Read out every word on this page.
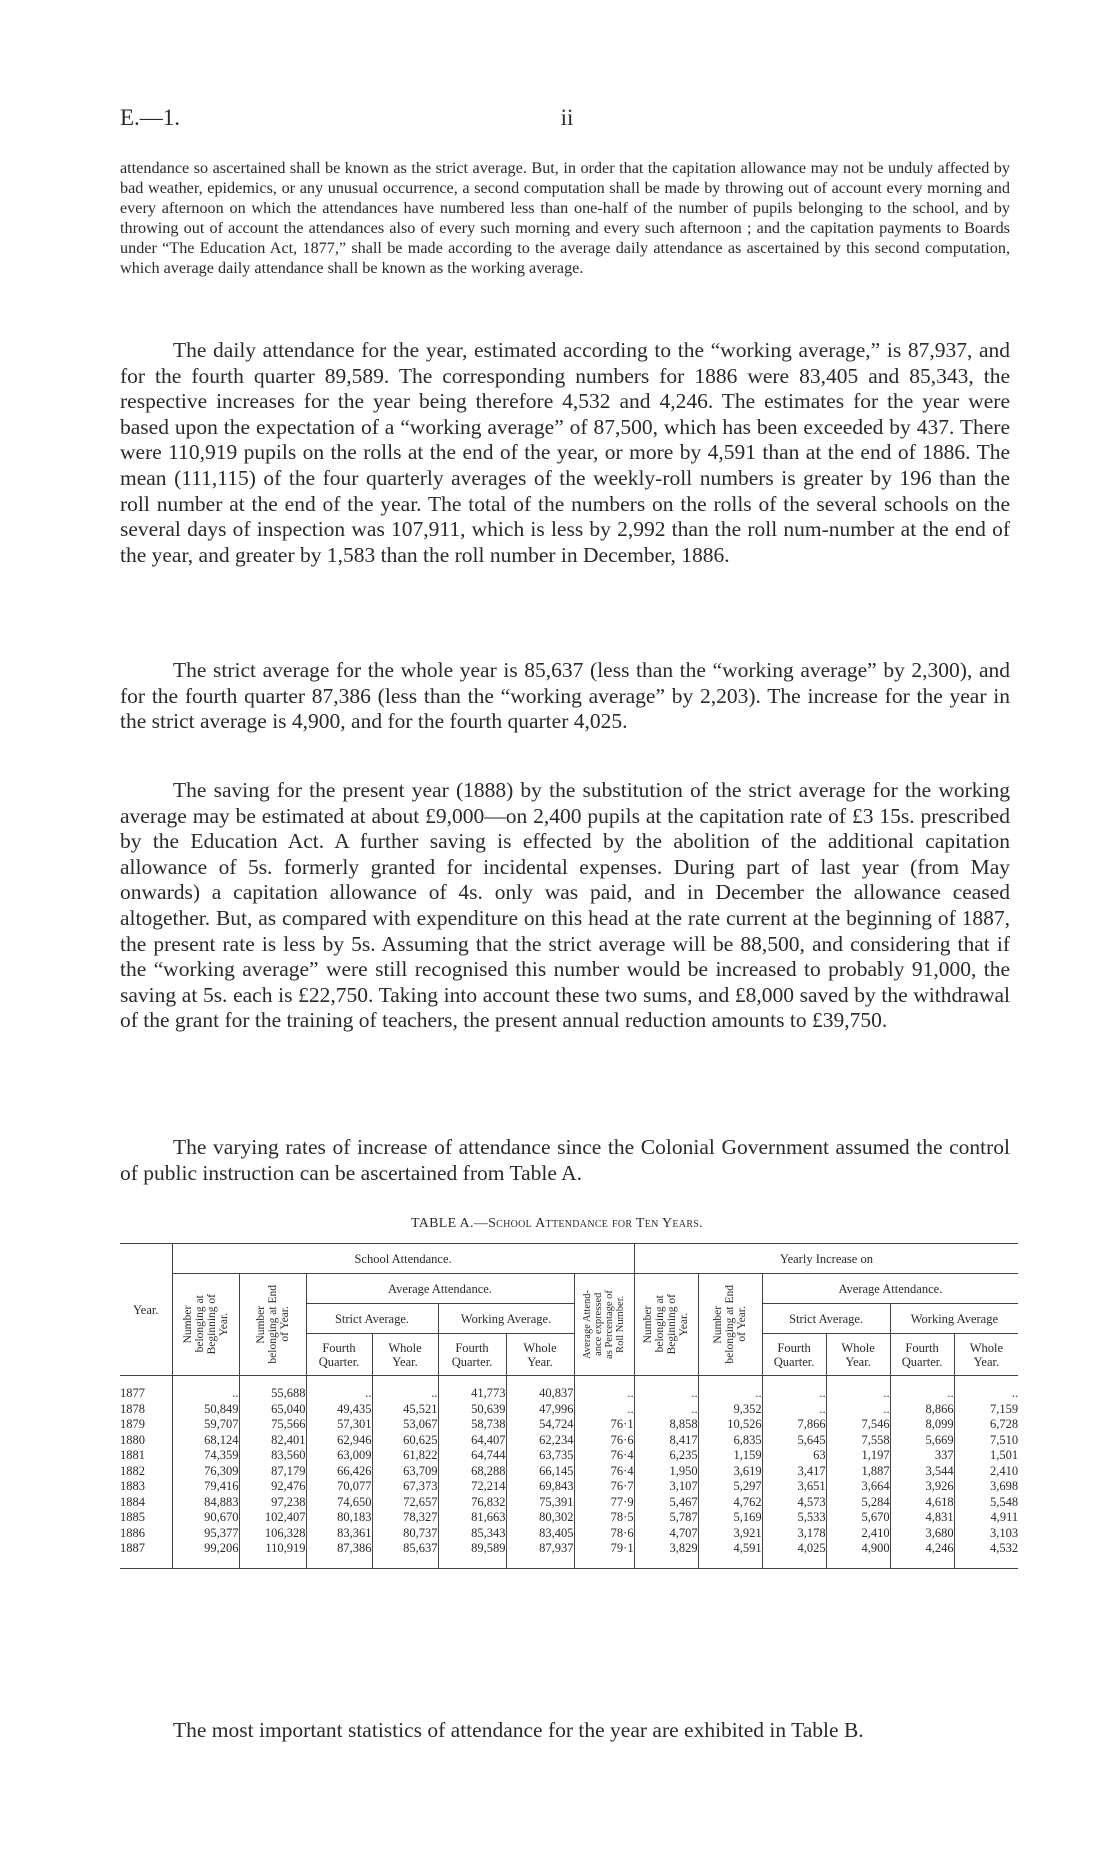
E.—1.	ii

attendance so ascertained shall be known as the strict average. But, in order that the capitation allowance may not be unduly affected by bad weather, epidemics, or any unusual occurrence, a second computation shall be made by throwing out of account every morning and every afternoon on which the attendances have numbered less than one-half of the number of pupils belonging to the school, and by throwing out of account the attendances also of every such morning and every such afternoon ; and the capitation payments to Boards under “The Education Act, 1877,” shall be made according to the average daily attendance as ascertained by this second computation, which average daily attendance shall be known as the working average.

The daily attendance for the year, estimated according to the “working average,” is 87,937, and for the fourth quarter 89,589. The corresponding numbers for 1886 were 83,405 and 85,343, the respective increases for the year being therefore 4,532 and 4,246. The estimates for the year were based upon the expectation of a “working average” of 87,500, which has been exceeded by 437. There were 110,919 pupils on the rolls at the end of the year, or more by 4,591 than at the end of 1886. The mean (111,115) of the four quarterly averages of the weekly-roll numbers is greater by 196 than the roll number at the end of the year. The total of the numbers on the rolls of the several schools on the several days of inspection was 107,911, which is less by 2,992 than the roll num-number at the end of the year, and greater by 1,583 than the roll number in December, 1886.

The strict average for the whole year is 85,637 (less than the “working average” by 2,300), and for the fourth quarter 87,386 (less than the “working average” by 2,203). The increase for the year in the strict average is 4,900, and for the fourth quarter 4,025.

The saving for the present year (1888) by the substitution of the strict average for the working average may be estimated at about £9,000—on 2,400 pupils at the capitation rate of £3 15s. prescribed by the Education Act. A further saving is effected by the abolition of the additional capitation allowance of 5s. formerly granted for incidental expenses. During part of last year (from May onwards) a capitation allowance of 4s. only was paid, and in December the allowance ceased altogether. But, as compared with expenditure on this head at the rate current at the beginning of 1887, the present rate is less by 5s. Assuming that the strict average will be 88,500, and considering that if the “working average” were still recognised this number would be increased to probably 91,000, the saving at 5s. each is £22,750. Taking into account these two sums, and £8,000 saved by the withdrawal of the grant for the training of teachers, the present annual reduction amounts to £39,750.

The varying rates of increase of attendance since the Colonial Government assumed the control of public instruction can be ascertained from Table A.

TABLE A.—School Attendance for Ten Years.
Year.	School Attendance.							Yearly Increase on					

	Number
belonging at
Beginning of
Year.	Number
belonging at End
of Year.	Average Attendance.				Average Attend-
ance expressed
as Percentage of
Roll Number.	Number
belonging at
Beginning of
Year.	Number
belonging at End
of Year.	Average Attendance.			
			Strict Average.		Working Average.					Strict Average.		Working Average	
			Fourth
Quarter.	Whole
Year.	Fourth
Quarter.	Whole
Year.				Fourth
Quarter.	Whole
Year.	Fourth
Quarter.	Whole
Year.

1877	..	55,688	..	..	41,773	40,837	..	..	..	..	..	..	..
1878	50,849	65,040	49,435	45,521	50,639	47,996	..	..	9,352	..	..	8,866	7,159
1879	59,707	75,566	57,301	53,067	58,738	54,724	76·1	8,858	10,526	7,866	7,546	8,099	6,728
1880	68,124	82,401	62,946	60,625	64,407	62,234	76·6	8,417	6,835	5,645	7,558	5,669	7,510
1881	74,359	83,560	63,009	61,822	64,744	63,735	76·4	6,235	1,159	63	1,197	337	1,501
1882	76,309	87,179	66,426	63,709	68,288	66,145	76·4	1,950	3,619	3,417	1,887	3,544	2,410
1883	79,416	92,476	70,077	67,373	72,214	69,843	76·7	3,107	5,297	3,651	3,664	3,926	3,698
1884	84,883	97,238	74,650	72,657	76,832	75,391	77·9	5,467	4,762	4,573	5,284	4,618	5,548
1885	90,670	102,407	80,183	78,327	81,663	80,302	78·5	5,787	5,169	5,533	5,670	4,831	4,911
1886	95,377	106,328	83,361	80,737	85,343	83,405	78·6	4,707	3,921	3,178	2,410	3,680	3,103
1887	99,206	110,919	87,386	85,637	89,589	87,937	79·1	3,829	4,591	4,025	4,900	4,246	4,532

The most important statistics of attendance for the year are exhibited in Table B.
